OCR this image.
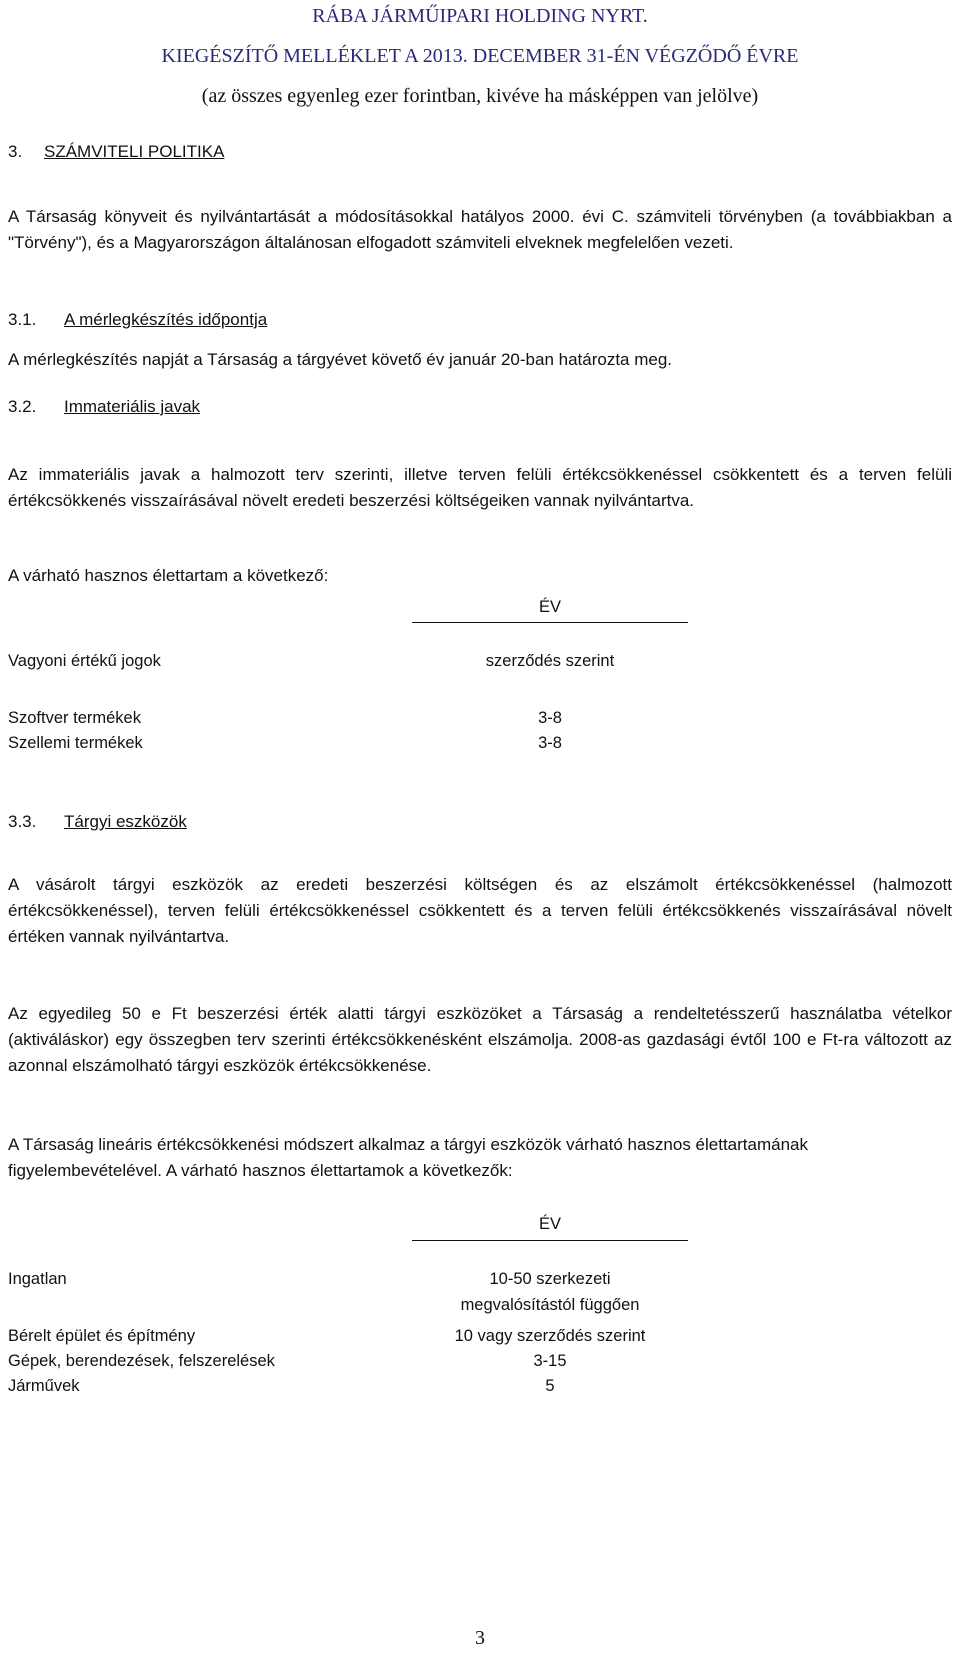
RÁBA JÁRMŰIPARI HOLDING NYRT.
KIEGÉSZÍTŐ MELLÉKLET A 2013. DECEMBER 31-ÉN VÉGZŐDŐ ÉVRE
(az összes egyenleg ezer forintban, kivéve ha másképpen van jelölve)
3. SZÁMVITELI POLITIKA
A Társaság könyveit és nyilvántartását a módosításokkal hatályos 2000. évi C. számviteli törvényben (a továbbiakban a "Törvény"), és a Magyarországon általánosan elfogadott számviteli elveknek megfelelően vezeti.
3.1. A mérlegkészítés időpontja
A mérlegkészítés napját a Társaság a tárgyévet követő év január 20-ban határozta meg.
3.2. Immateriális javak
Az immateriális javak a halmozott terv szerinti, illetve terven felüli értékcsökkenéssel csökkentett és a terven felüli értékcsökkenés visszaírásával növelt eredeti beszerzési költségeiken vannak nyilvántartva.
A várható hasznos élettartam a következő:
ÉV
Vagyoni értékű jogok	szerződés szerint
Szoftver termékek	3-8
Szellemi termékek	3-8
3.3. Tárgyi eszközök
A vásárolt tárgyi eszközök az eredeti beszerzési költségen és az elszámolt értékcsökkenéssel (halmozott értékcsökkenéssel), terven felüli értékcsökkenéssel csökkentett és a terven felüli értékcsökkenés visszaírásával növelt értéken vannak nyilvántartva.
Az egyedileg 50 e Ft beszerzési érték alatti tárgyi eszközöket a Társaság a rendeltetésszerű használatba vételkor (aktiváláskor) egy összegben terv szerinti értékcsökkenésként elszámolja. 2008-as gazdasági évtől 100 e Ft-ra változott az azonnal elszámolható tárgyi eszközök értékcsökkenése.
A Társaság lineáris értékcsökkenési módszert alkalmaz a tárgyi eszközök várható hasznos élettartamának figyelembevételével. A várható hasznos élettartamok a következők:
ÉV
Ingatlan	10-50 szerkezeti
megvalósítástól függően
Bérelt épület és építmény	10 vagy szerződés szerint
Gépek, berendezések, felszerelések	3-15
Járművek	5
3
